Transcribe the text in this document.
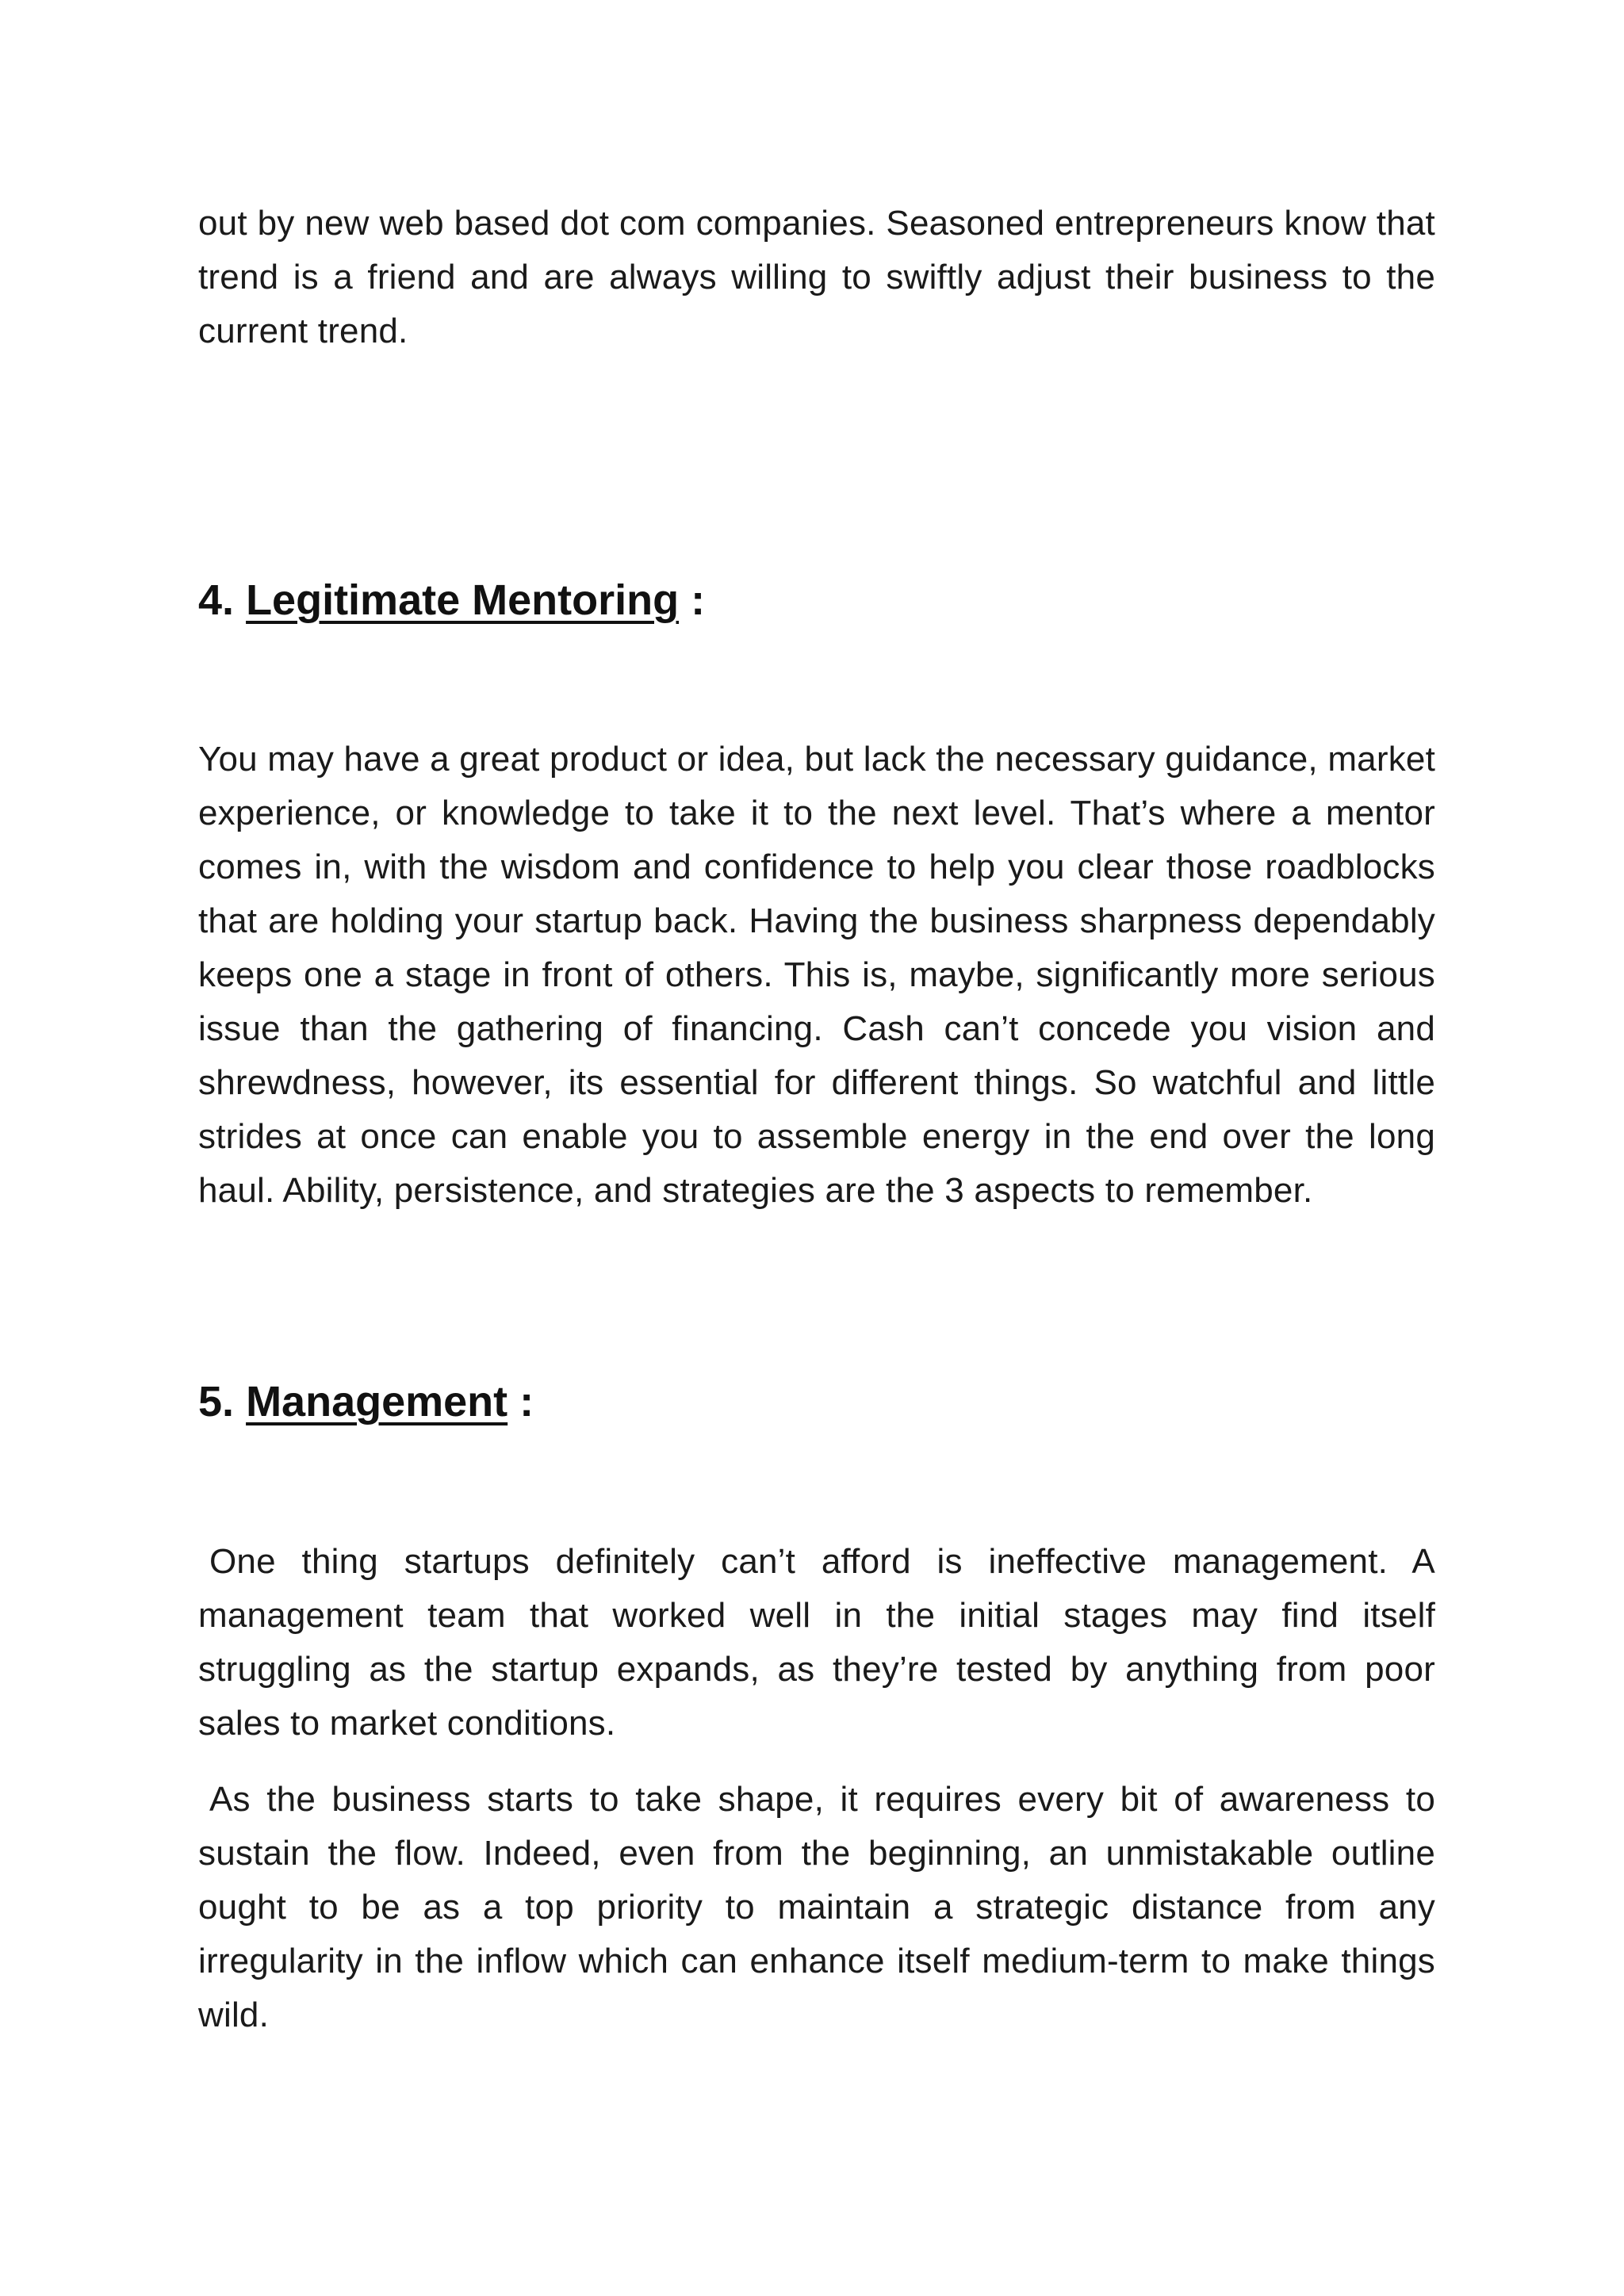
out by new web based dot com companies. Seasoned entrepreneurs know that trend is a friend and are always willing to swiftly adjust their business to the current trend.

4. Legitimate Mentoring :

You may have a great product or idea, but lack the necessary guidance, market experience, or knowledge to take it to the next level. That’s where a mentor comes in, with the wisdom and confidence to help you clear those roadblocks that are holding your startup back. Having the business sharpness dependably keeps one a stage in front of others. This is, maybe, significantly more serious issue than the gathering of financing. Cash can’t concede you vision and shrewdness, however, its essential for different things. So watchful and little strides at once can enable you to assemble energy in the end over the long haul. Ability, persistence, and strategies are the 3 aspects to remember.

5. Management :

One thing startups definitely can’t afford is ineffective management. A management team that worked well in the initial stages may find itself struggling as the startup expands, as they’re tested by anything from poor sales to market conditions.

As the business starts to take shape, it requires every bit of awareness to sustain the flow. Indeed, even from the beginning, an unmistakable outline ought to be as a top priority to maintain a strategic distance from any irregularity in the inflow which can enhance itself medium-term to make things wild.
